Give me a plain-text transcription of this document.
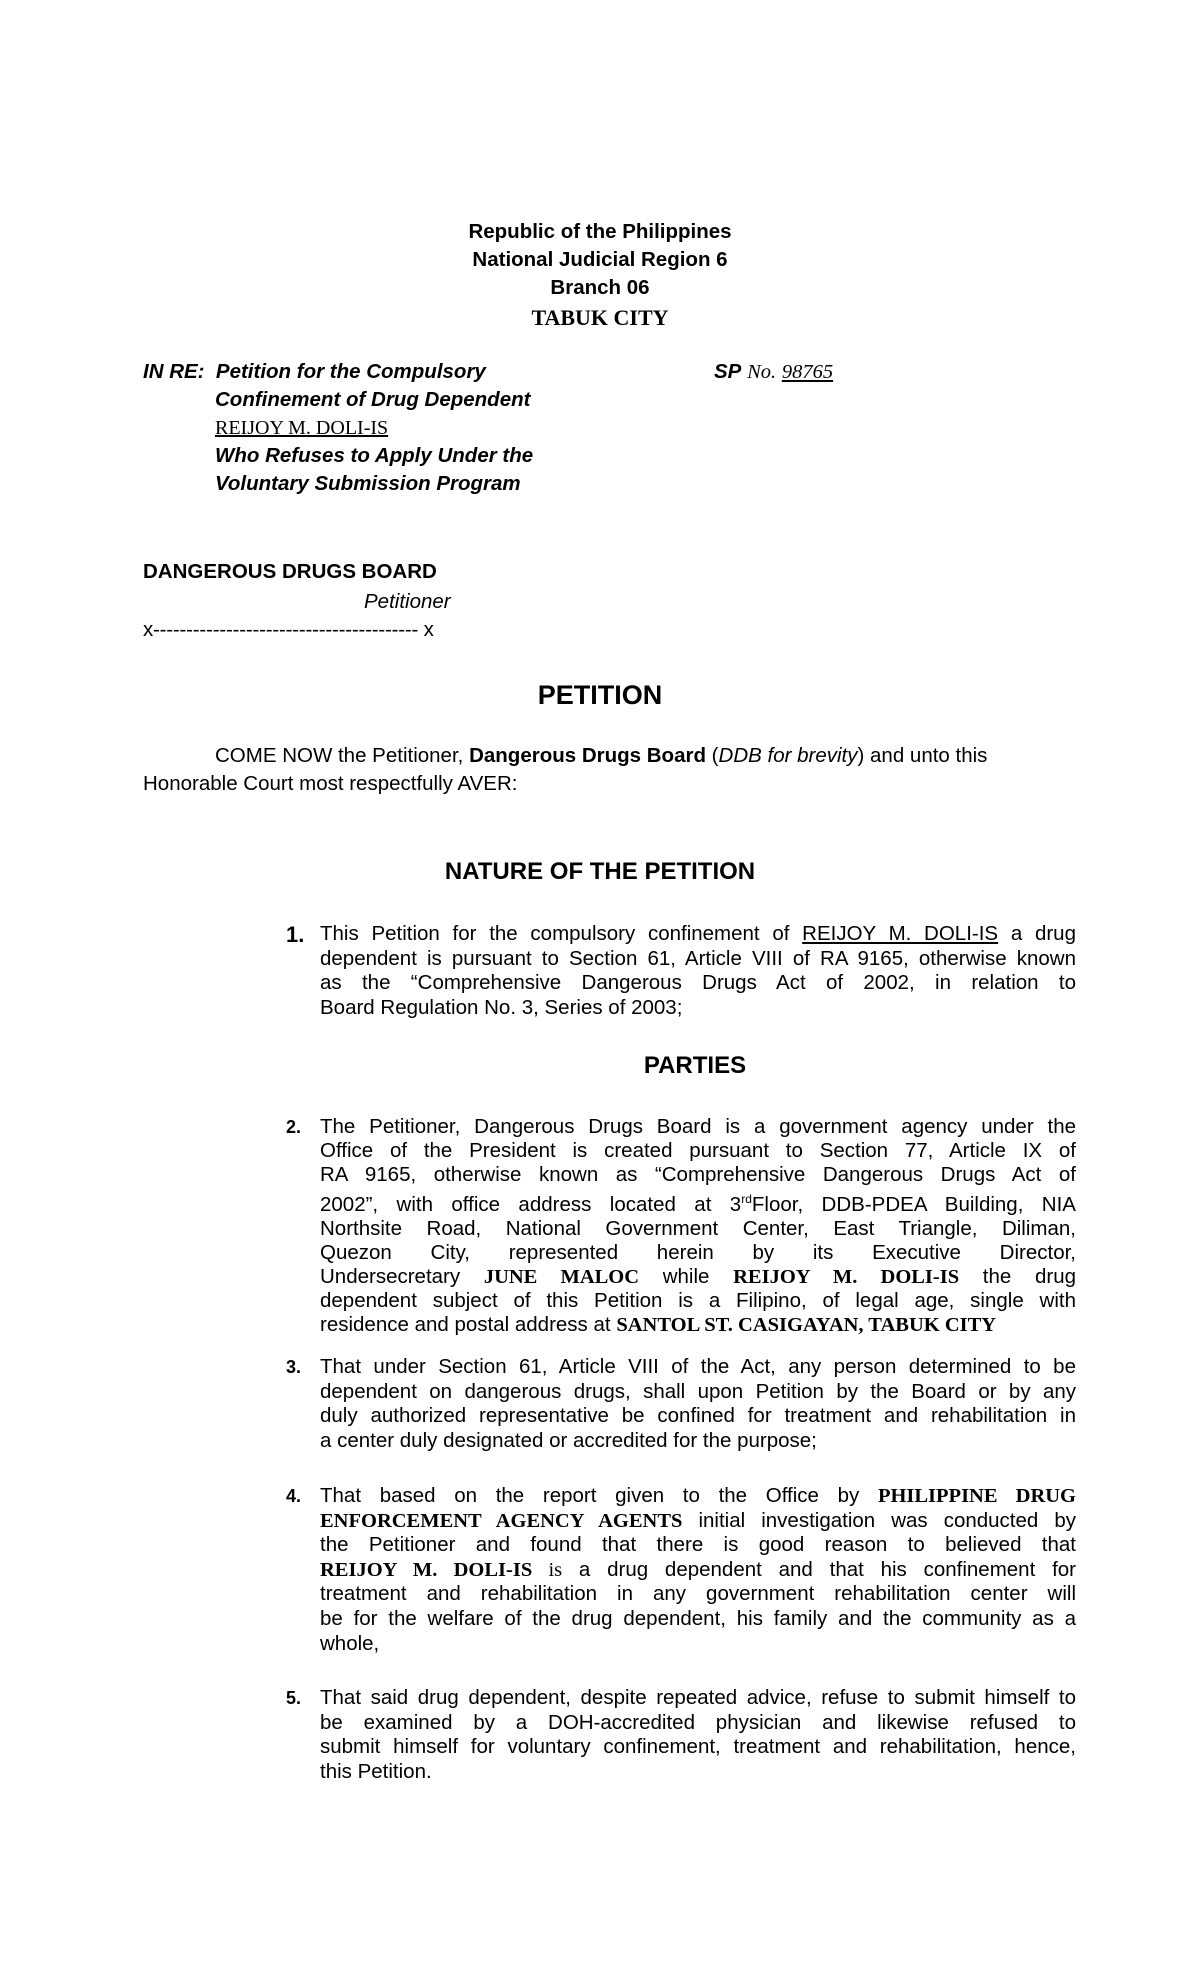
Republic of the Philippines
National Judicial Region 6
Branch 06
TABUK CITY
IN RE: Petition for the Compulsory
Confinement of Drug Dependent
REIJOY M. DOLI-IS
Who Refuses to Apply Under the
Voluntary Submission Program
SP No. 98765
DANGEROUS DRUGS BOARD
Petitioner
x---------------------------------------- x
PETITION
COME NOW the Petitioner, Dangerous Drugs Board (DDB for brevity) and unto this
Honorable Court most respectfully AVER:
NATURE OF THE PETITION
1. This Petition for the compulsory confinement of REIJOY M. DOLI-IS a drug
dependent is pursuant to Section 61, Article VIII of RA 9165, otherwise known
as the “Comprehensive Dangerous Drugs Act of 2002, in relation to
Board Regulation No. 3, Series of 2003;
PARTIES
2. The Petitioner, Dangerous Drugs Board is a government agency under the
Office of the President is created pursuant to Section 77, Article IX of
RA 9165, otherwise known as “Comprehensive Dangerous Drugs Act of
2002”, with office address located at 3rdFloor, DDB-PDEA Building, NIA
Northsite Road, National Government Center, East Triangle, Diliman,
Quezon City, represented herein by its Executive Director,
Undersecretary JUNE MALOC while REIJOY M. DOLI-IS the drug
dependent subject of this Petition is a Filipino, of legal age, single with
residence and postal address at SANTOL ST. CASIGAYAN, TABUK CITY
3. That under Section 61, Article VIII of the Act, any person determined to be
dependent on dangerous drugs, shall upon Petition by the Board or by any
duly authorized representative be confined for treatment and rehabilitation in
a center duly designated or accredited for the purpose;
4. That based on the report given to the Office by PHILIPPINE DRUG
ENFORCEMENT AGENCY AGENTS initial investigation was conducted by
the Petitioner and found that there is good reason to believed that
REIJOY M. DOLI-IS is a drug dependent and that his confinement for
treatment and rehabilitation in any government rehabilitation center will
be for the welfare of the drug dependent, his family and the community as a
whole,
5. That said drug dependent, despite repeated advice, refuse to submit himself to
be examined by a DOH-accredited physician and likewise refused to
submit himself for voluntary confinement, treatment and rehabilitation, hence,
this Petition.
